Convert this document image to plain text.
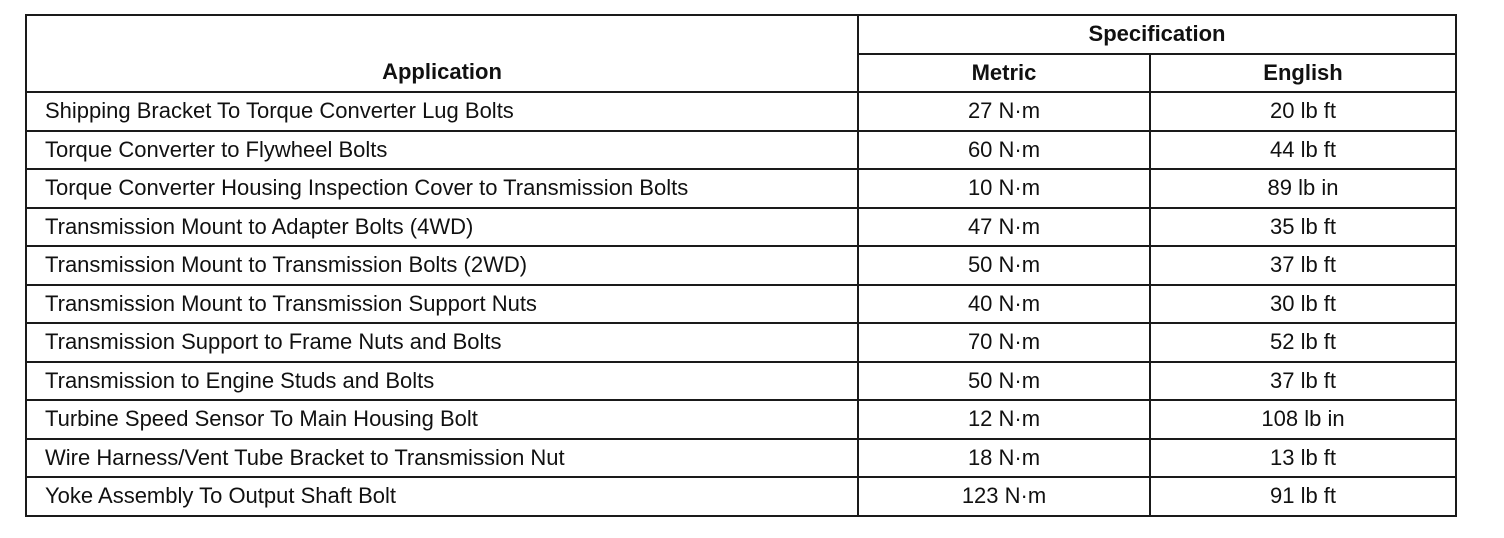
Application	Specification	
	Metric	English
Shipping Bracket To Torque Converter Lug Bolts	27 N·m	20 lb ft
Torque Converter to Flywheel Bolts	60 N·m	44 lb ft
Torque Converter Housing Inspection Cover to Transmission Bolts	10 N·m	89 lb in
Transmission Mount to Adapter Bolts (4WD)	47 N·m	35 lb ft
Transmission Mount to Transmission Bolts (2WD)	50 N·m	37 lb ft
Transmission Mount to Transmission Support Nuts	40 N·m	30 lb ft
Transmission Support to Frame Nuts and Bolts	70 N·m	52 lb ft
Transmission to Engine Studs and Bolts	50 N·m	37 lb ft
Turbine Speed Sensor To Main Housing Bolt	12 N·m	108 lb in
Wire Harness/Vent Tube Bracket to Transmission Nut	18 N·m	13 lb ft
Yoke Assembly To Output Shaft Bolt	123 N·m	91 lb ft
